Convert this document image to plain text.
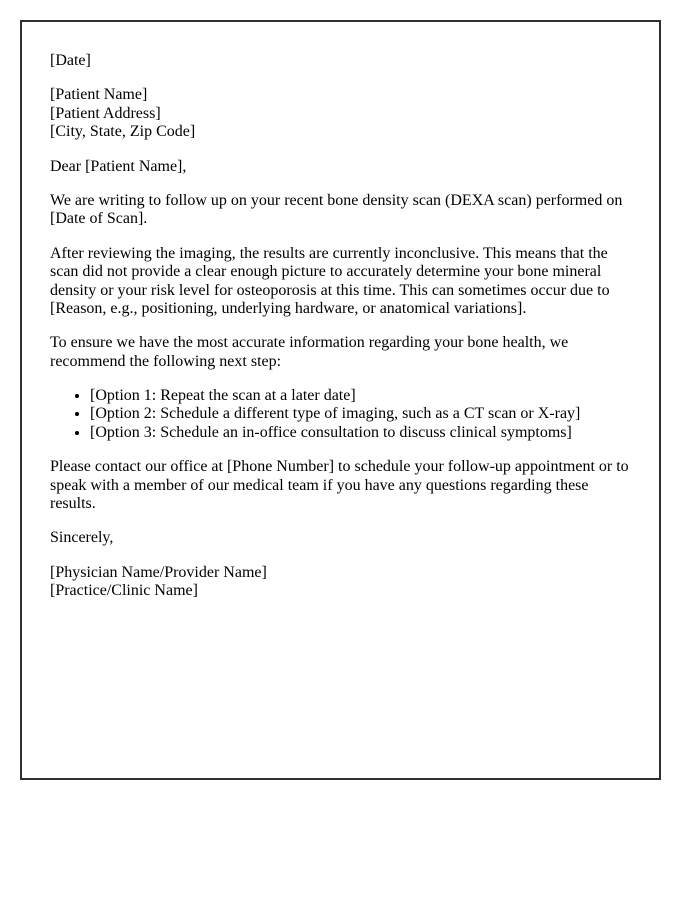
[Date]
[Patient Name]
[Patient Address]
[City, State, Zip Code]
Dear [Patient Name],

We are writing to follow up on your recent bone density scan (DEXA scan) performed on [Date of Scan].

After reviewing the imaging, the results are currently inconclusive. This means that the scan did not provide a clear enough picture to accurately determine your bone mineral density or your risk level for osteoporosis at this time. This can sometimes occur due to [Reason, e.g., positioning, underlying hardware, or anatomical variations].

To ensure we have the most accurate information regarding your bone health, we recommend the following next step:

• [Option 1: Repeat the scan at a later date]
• [Option 2: Schedule a different type of imaging, such as a CT scan or X-ray]
• [Option 3: Schedule an in-office consultation to discuss clinical symptoms]

Please contact our office at [Phone Number] to schedule your follow-up appointment or to speak with a member of our medical team if you have any questions regarding these results.

Sincerely,
[Physician Name/Provider Name]
[Practice/Clinic Name]
